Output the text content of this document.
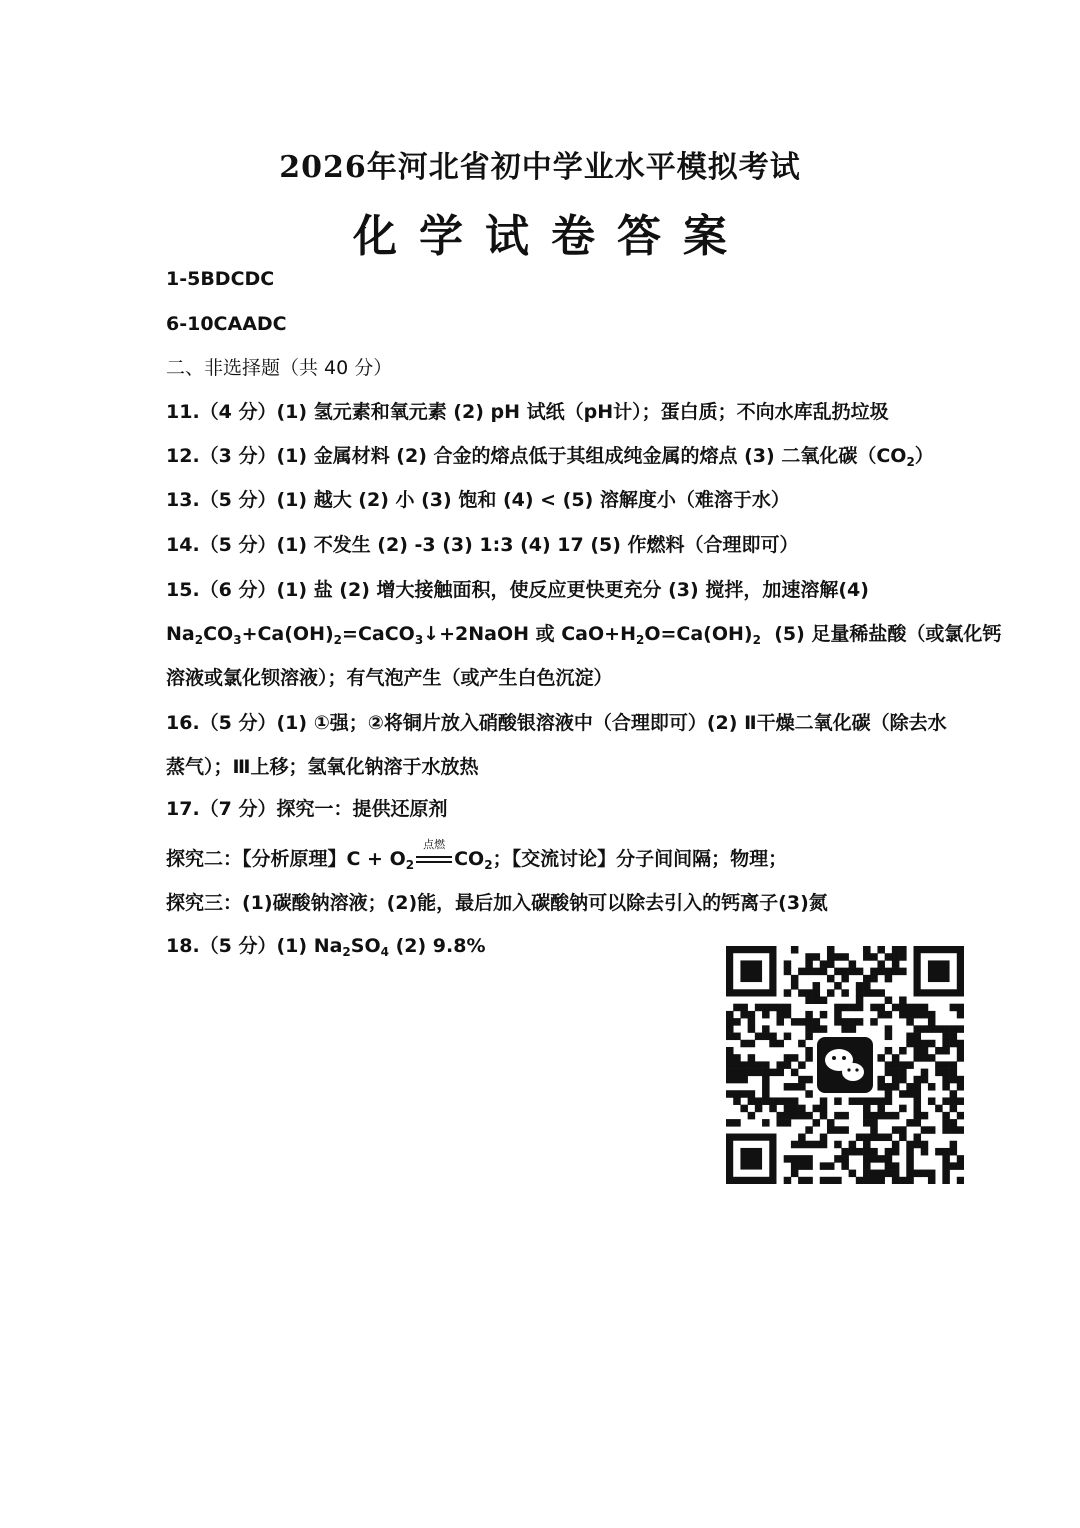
2026年河北省初中学业水平模拟考试
化学试卷答案
1-5BDCDC
6-10CAADC
二、非选择题（共 40 分）
11.（4 分）(1) 氢元素和氧元素 (2) pH 试纸（pH计）；蛋白质；不向水库乱扔垃圾
12.（3 分）(1) 金属材料 (2) 合金的熔点低于其组成纯金属的熔点 (3) 二氧化碳$(CO_2)$
13.（5 分）(1) 越大 (2) 小 (3) 饱和 (4) < (5) 溶解度小（难溶于水）
14.（5 分）(1) 不发生 (2) -3 (3) 1:3 (4) 17 (5) 作燃料（合理即可）
15.（6 分）(1) 盐 (2) 增大接触面积，使反应更快更充分 (3) 搅拌，加速溶解(4)
$Na_2CO_3+Ca(OH)_2=CaCO_3↓+2NaOH$ 或 $CaO+H_2O=Ca(OH)_2$  (5) 足量稀盐酸（或氯化钙
溶液或氯化钡溶液）；有气泡产生（或产生白色沉淀）
16.（5 分）(1) ①强；②将铜片放入硝酸银溶液中（合理即可）(2) Ⅱ干燥二氧化碳（除去水
蒸气）；Ⅲ上移；氢氧化钠溶于水放热
17.（7 分）探究一：提供还原剂
探究二：【分析原理】$C + O_2$
点燃
$CO_2$；【交流讨论】分子间间隔；物理；
探究三：(1)碳酸钠溶液；(2)能，最后加入碳酸钠可以除去引入的钙离子(3)氮
18.（5 分）(1) $Na_2SO_4$ (2) 9.8%
